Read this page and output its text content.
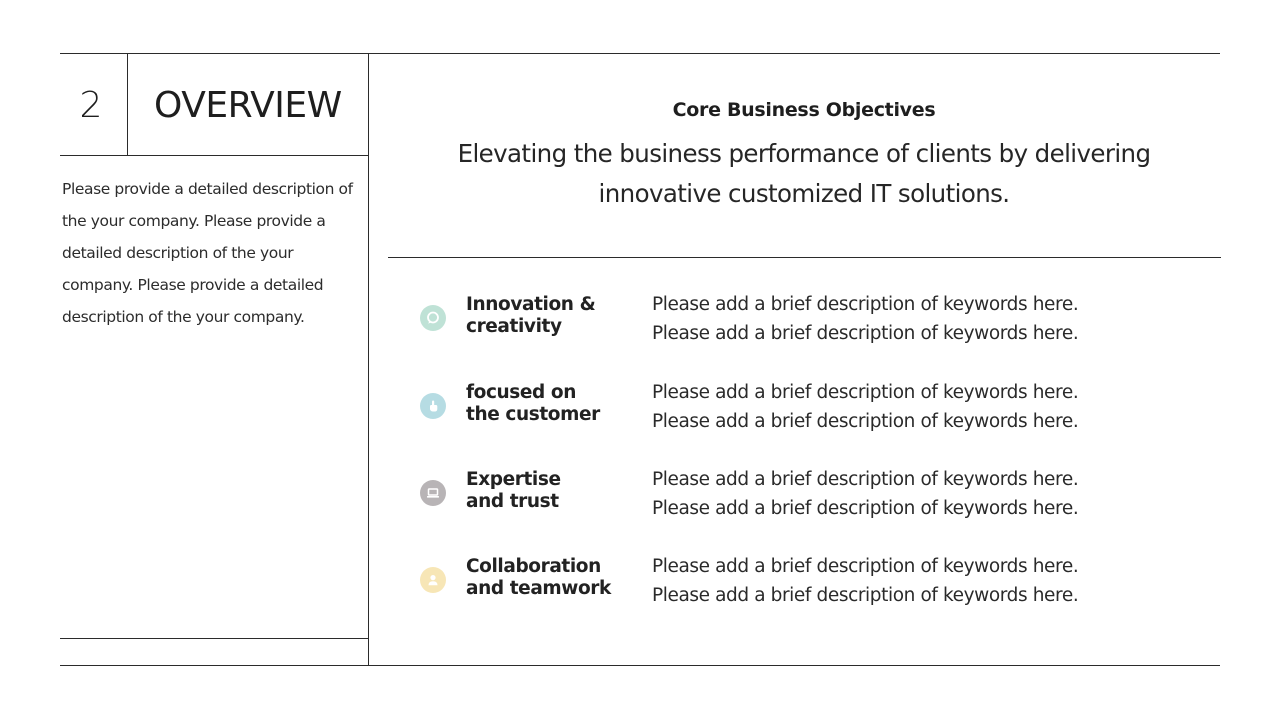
2	OVERVIEW
Please provide a detailed description of the your company. Please provide a detailed description of the your company. Please provide a detailed description of the your company.
Core Business Objectives
Elevating the business performance of clients by delivering innovative customized IT solutions.
Innovation &
creativity
Please add a brief description of keywords here.
Please add a brief description of keywords here.
focused on
the customer
Please add a brief description of keywords here.
Please add a brief description of keywords here.
Expertise
and trust
Please add a brief description of keywords here.
Please add a brief description of keywords here.
Collaboration
and teamwork
Please add a brief description of keywords here.
Please add a brief description of keywords here.
